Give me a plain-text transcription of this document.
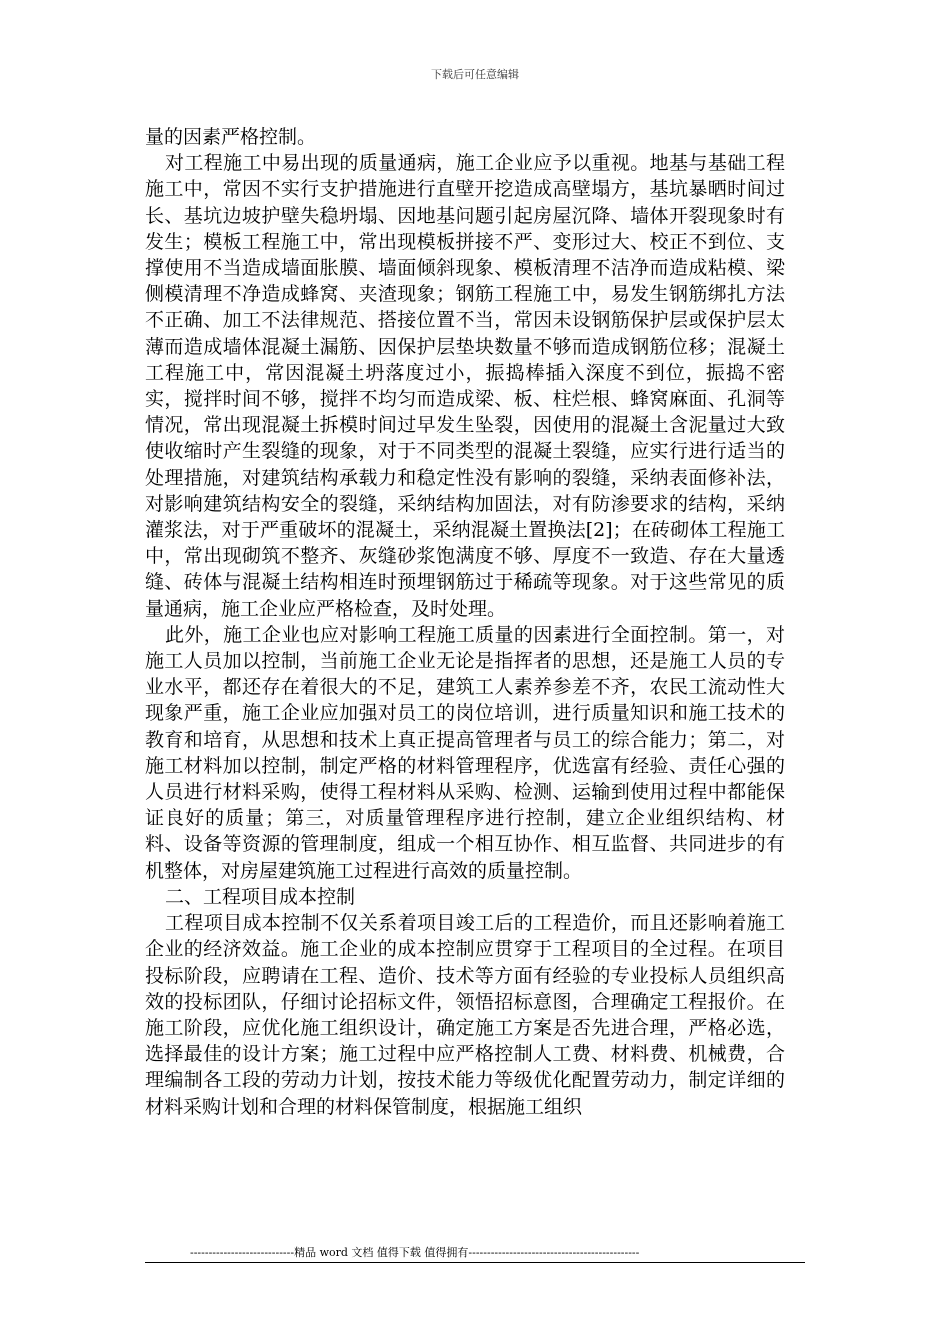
下载后可任意编辑

量的因素严格控制。

对工程施工中易出现的质量通病，施工企业应予以重视。地基与基础工程施工中，常因不实行支护措施进行直壁开挖造成高壁塌方，基坑暴晒时间过长、基坑边坡护壁失稳坍塌、因地基问题引起房屋沉降、墙体开裂现象时有发生；模板工程施工中，常出现模板拼接不严、变形过大、校正不到位、支撑使用不当造成墙面胀膜、墙面倾斜现象、模板清理不洁净而造成粘模、梁侧模清理不净造成蜂窝、夹渣现象；钢筋工程施工中，易发生钢筋绑扎方法不正确、加工不法律规范、搭接位置不当，常因未设钢筋保护层或保护层太薄而造成墙体混凝土漏筋、因保护层垫块数量不够而造成钢筋位移；混凝土工程施工中，常因混凝土坍落度过小，振捣棒插入深度不到位，振捣不密实，搅拌时间不够，搅拌不均匀而造成梁、板、柱烂根、蜂窝麻面、孔洞等情况，常出现混凝土拆模时间过早发生坠裂，因使用的混凝土含泥量过大致使收缩时产生裂缝的现象，对于不同类型的混凝土裂缝，应实行进行适当的处理措施，对建筑结构承载力和稳定性没有影响的裂缝，采纳表面修补法，对影响建筑结构安全的裂缝，采纳结构加固法，对有防渗要求的结构，采纳灌浆法，对于严重破坏的混凝土，采纳混凝土置换法[2]；在砖砌体工程施工中，常出现砌筑不整齐、灰缝砂浆饱满度不够、厚度不一致造、存在大量透缝、砖体与混凝土结构相连时预埋钢筋过于稀疏等现象。对于这些常见的质量通病，施工企业应严格检查，及时处理。

此外，施工企业也应对影响工程施工质量的因素进行全面控制。第一，对施工人员加以控制，当前施工企业无论是指挥者的思想，还是施工人员的专业水平，都还存在着很大的不足，建筑工人素养参差不齐，农民工流动性大现象严重，施工企业应加强对员工的岗位培训，进行质量知识和施工技术的教育和培育，从思想和技术上真正提高管理者与员工的综合能力；第二，对施工材料加以控制，制定严格的材料管理程序，优选富有经验、责任心强的人员进行材料采购，使得工程材料从采购、检测、运输到使用过程中都能保证良好的质量；第三，对质量管理程序进行控制，建立企业组织结构、材料、设备等资源的管理制度，组成一个相互协作、相互监督、共同进步的有机整体，对房屋建筑施工过程进行高效的质量控制。

二、工程项目成本控制

工程项目成本控制不仅关系着项目竣工后的工程造价，而且还影响着施工企业的经济效益。施工企业的成本控制应贯穿于工程项目的全过程。在项目投标阶段，应聘请在工程、造价、技术等方面有经验的专业投标人员组织高效的投标团队，仔细讨论招标文件，领悟招标意图，合理确定工程报价。在施工阶段，应优化施工组织设计，确定施工方案是否先进合理，严格必选，选择最佳的设计方案；施工过程中应严格控制人工费、材料费、机械费，合理编制各工段的劳动力计划，按技术能力等级优化配置劳动力，制定详细的材料采购计划和合理的材料保管制度，根据施工组织

----------------------------精品 word 文档 值得下载 值得拥有----------------------------------------------
